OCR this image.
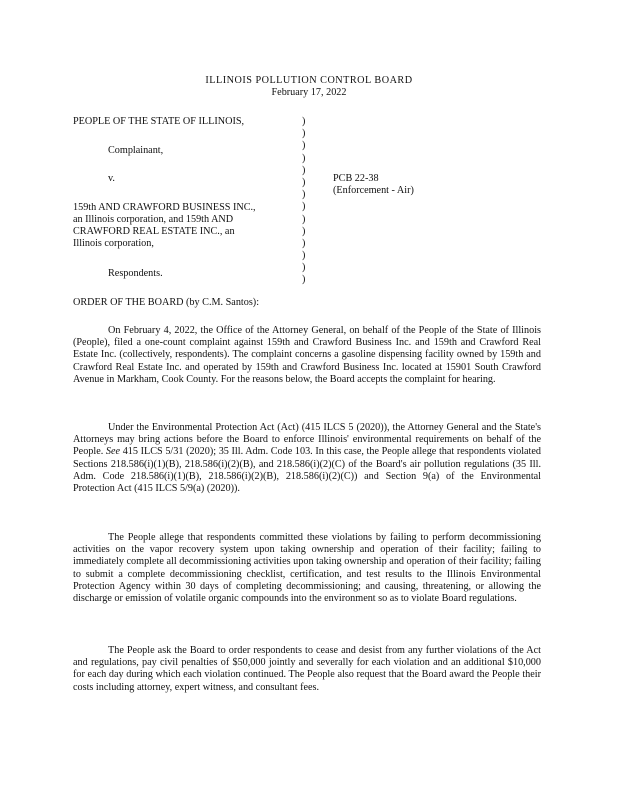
ILLINOIS POLLUTION CONTROL BOARD
February 17, 2022
PEOPLE OF THE STATE OF ILLINOIS,
Complainant,
v.
159th AND CRAWFORD BUSINESS INC.,
an Illinois corporation, and 159th AND
CRAWFORD REAL ESTATE INC., an
Illinois corporation,
Respondents.
)
)
)
)
)
)
)
)
)
)
)
)
)
)
PCB 22-38
(Enforcement - Air)
ORDER OF THE BOARD (by C.M. Santos):
On February 4, 2022, the Office of the Attorney General, on behalf of the People of the State of Illinois (People), filed a one-count complaint against 159th and Crawford Business Inc. and 159th and Crawford Real Estate Inc. (collectively, respondents). The complaint concerns a gasoline dispensing facility owned by 159th and Crawford Real Estate Inc. and operated by 159th and Crawford Business Inc. located at 15901 South Crawford Avenue in Markham, Cook County. For the reasons below, the Board accepts the complaint for hearing.
Under the Environmental Protection Act (Act) (415 ILCS 5 (2020)), the Attorney General and the State's Attorneys may bring actions before the Board to enforce Illinois' environmental requirements on behalf of the People. See 415 ILCS 5/31 (2020); 35 Ill. Adm. Code 103. In this case, the People allege that respondents violated Sections 218.586(i)(1)(B), 218.586(i)(2)(B), and 218.586(i)(2)(C) of the Board's air pollution regulations (35 Ill. Adm. Code 218.586(i)(1)(B), 218.586(i)(2)(B), 218.586(i)(2)(C)) and Section 9(a) of the Environmental Protection Act (415 ILCS 5/9(a) (2020)).
The People allege that respondents committed these violations by failing to perform decommissioning activities on the vapor recovery system upon taking ownership and operation of their facility; failing to immediately complete all decommissioning activities upon taking ownership and operation of their facility; failing to submit a complete decommissioning checklist, certification, and test results to the Illinois Environmental Protection Agency within 30 days of completing decommissioning; and causing, threatening, or allowing the discharge or emission of volatile organic compounds into the environment so as to violate Board regulations.
The People ask the Board to order respondents to cease and desist from any further violations of the Act and regulations, pay civil penalties of $50,000 jointly and severally for each violation and an additional $10,000 for each day during which each violation continued. The People also request that the Board award the People their costs including attorney, expert witness, and consultant fees.
